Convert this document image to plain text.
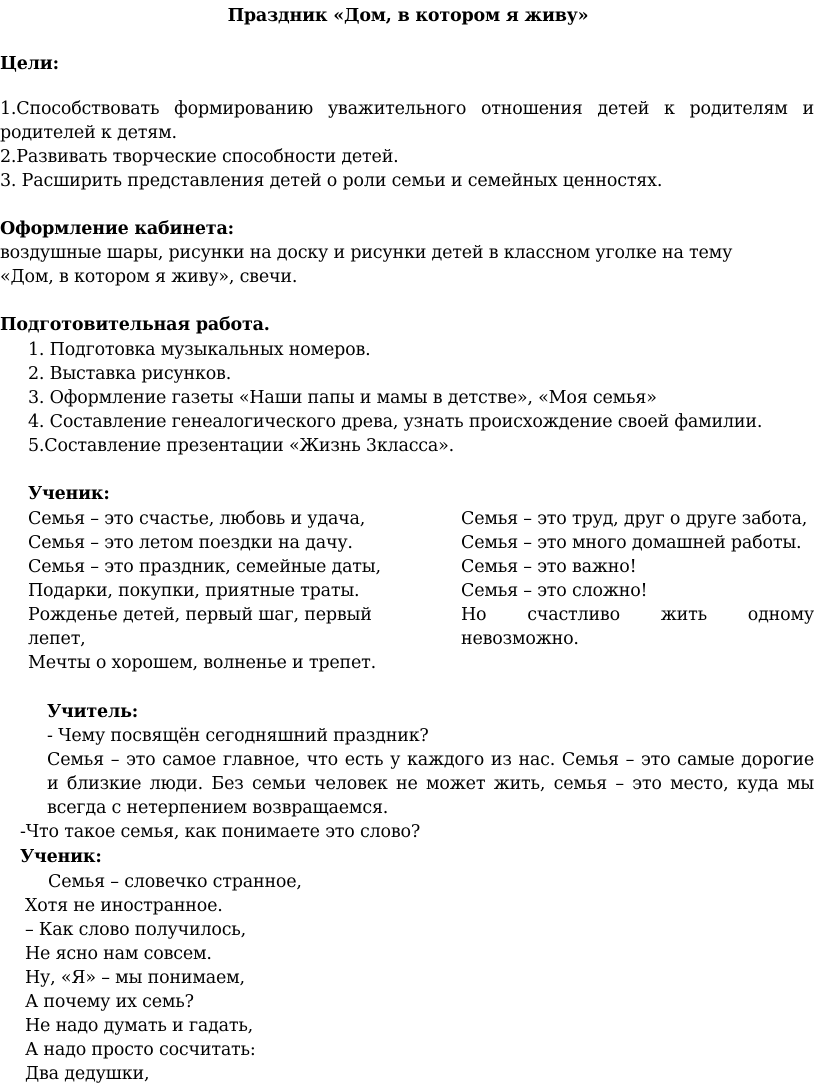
Праздник «Дом, в котором я живу»
Цели:
1.Способствовать формированию уважительного отношения детей к родителям и
родителей к детям.
2.Развивать творческие способности детей.
3. Расширить представления детей о роли семьи и семейных ценностях.
Оформление кабинета:
воздушные шары, рисунки на доску и рисунки детей в классном уголке на тему
«Дом, в котором я живу», свечи.
Подготовительная работа.
1. Подготовка музыкальных номеров.
2. Выставка рисунков.
3. Оформление газеты «Наши папы и мамы в детстве», «Моя семья»
4. Составление генеалогического древа, узнать происхождение своей фамилии.
5.Составление презентации «Жизнь 3класса».
Ученик:
Семья – это счастье, любовь и удача,
Семья – это летом поездки на дачу.
Семья – это праздник, семейные даты,
Подарки, покупки, приятные траты.
Рожденье детей, первый шаг, первый
лепет,
Мечты о хорошем, волненье и трепет.
Семья – это труд, друг о друге забота,
Семья – это много домашней работы.
Семья – это важно!
Семья – это сложно!
Но счастливо жить одному
невозможно.
Учитель:
- Чему посвящён сегодняшний праздник?
Семья – это самое главное, что есть у каждого из нас. Семья – это самые дорогие
и близкие люди. Без семьи человек не может жить, семья – это место, куда мы
всегда с нетерпением возвращаемся.
-Что такое семья, как понимаете это слово?
Ученик:
Семья – словечко странное,
Хотя не иностранное.
– Как слово получилось,
Не ясно нам совсем.
Ну, «Я» – мы понимаем,
А почему их семь?
Не надо думать и гадать,
А надо просто сосчитать:
Два дедушки,
